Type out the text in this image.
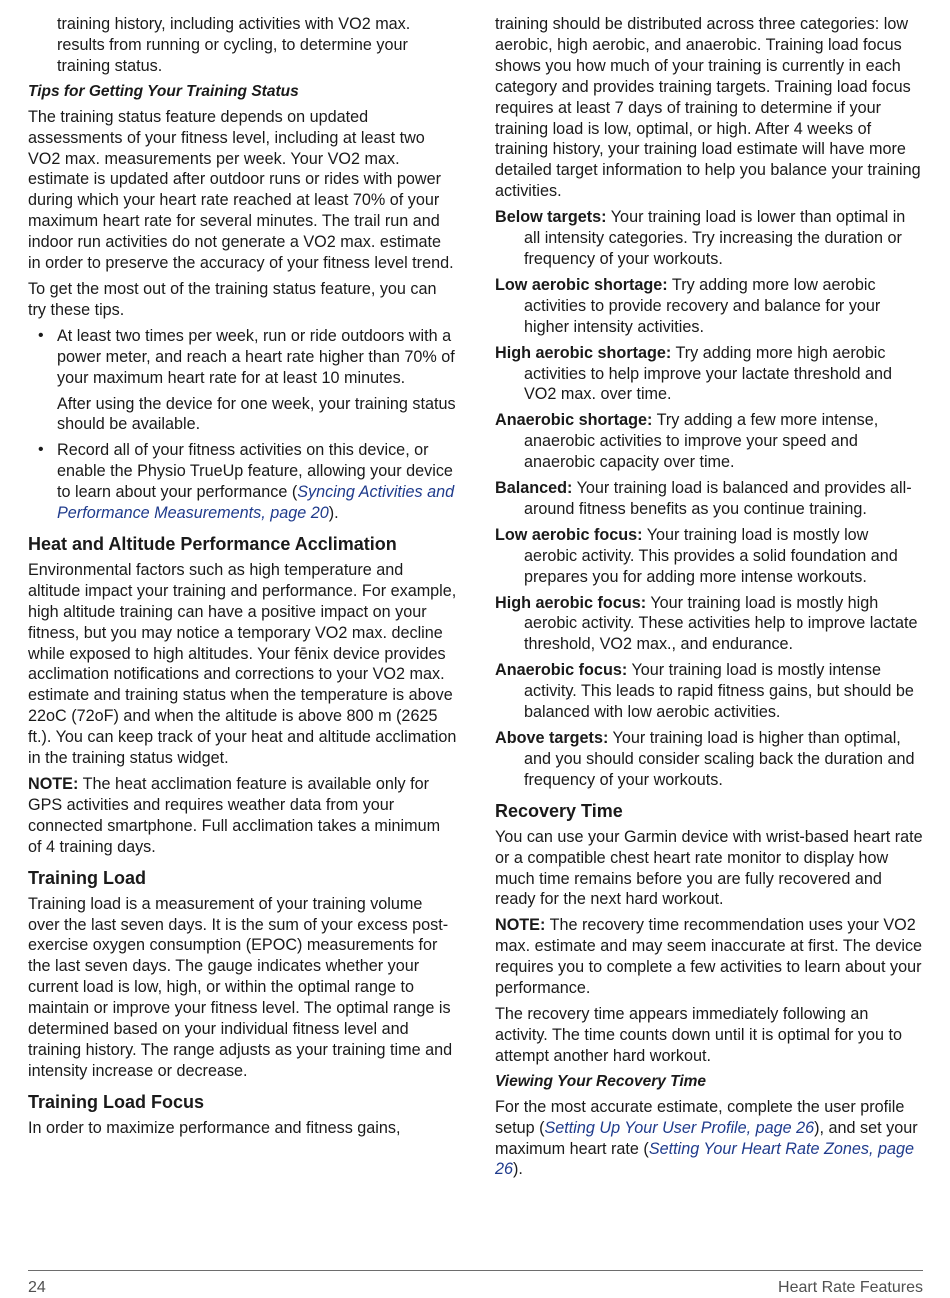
training history, including activities with VO2 max. results from running or cycling, to determine your training status.

Tips for Getting Your Training Status

The training status feature depends on updated assessments of your fitness level, including at least two VO2 max. measurements per week. Your VO2 max. estimate is updated after outdoor runs or rides with power during which your heart rate reached at least 70% of your maximum heart rate for several minutes. The trail run and indoor run activities do not generate a VO2 max. estimate in order to preserve the accuracy of your fitness level trend.

To get the most out of the training status feature, you can try these tips.

• At least two times per week, run or ride outdoors with a power meter, and reach a heart rate higher than 70% of your maximum heart rate for at least 10 minutes.

After using the device for one week, your training status should be available.

• Record all of your fitness activities on this device, or enable the Physio TrueUp feature, allowing your device to learn about your performance (Syncing Activities and Performance Measurements, page 20).

Heat and Altitude Performance Acclimation

Environmental factors such as high temperature and altitude impact your training and performance. For example, high altitude training can have a positive impact on your fitness, but you may notice a temporary VO2 max. decline while exposed to high altitudes. Your fēnix device provides acclimation notifications and corrections to your VO2 max. estimate and training status when the temperature is above 22oC (72oF) and when the altitude is above 800 m (2625 ft.). You can keep track of your heat and altitude acclimation in the training status widget.

NOTE: The heat acclimation feature is available only for GPS activities and requires weather data from your connected smartphone. Full acclimation takes a minimum of 4 training days.

Training Load

Training load is a measurement of your training volume over the last seven days. It is the sum of your excess post-exercise oxygen consumption (EPOC) measurements for the last seven days. The gauge indicates whether your current load is low, high, or within the optimal range to maintain or improve your fitness level. The optimal range is determined based on your individual fitness level and training history. The range adjusts as your training time and intensity increase or decrease.

Training Load Focus

In order to maximize performance and fitness gains,

training should be distributed across three categories: low aerobic, high aerobic, and anaerobic. Training load focus shows you how much of your training is currently in each category and provides training targets. Training load focus requires at least 7 days of training to determine if your training load is low, optimal, or high. After 4 weeks of training history, your training load estimate will have more detailed target information to help you balance your training activities.

Below targets: Your training load is lower than optimal in all intensity categories. Try increasing the duration or frequency of your workouts.

Low aerobic shortage: Try adding more low aerobic activities to provide recovery and balance for your higher intensity activities.

High aerobic shortage: Try adding more high aerobic activities to help improve your lactate threshold and VO2 max. over time.

Anaerobic shortage: Try adding a few more intense, anaerobic activities to improve your speed and anaerobic capacity over time.

Balanced: Your training load is balanced and provides all- around fitness benefits as you continue training.

Low aerobic focus: Your training load is mostly low aerobic activity. This provides a solid foundation and prepares you for adding more intense workouts.

High aerobic focus: Your training load is mostly high aerobic activity. These activities help to improve lactate threshold, VO2 max., and endurance.

Anaerobic focus: Your training load is mostly intense activity. This leads to rapid fitness gains, but should be balanced with low aerobic activities.

Above targets: Your training load is higher than optimal, and you should consider scaling back the duration and frequency of your workouts.

Recovery Time

You can use your Garmin device with wrist-based heart rate or a compatible chest heart rate monitor to display how much time remains before you are fully recovered and ready for the next hard workout.

NOTE: The recovery time recommendation uses your VO2 max. estimate and may seem inaccurate at first. The device requires you to complete a few activities to learn about your performance.

The recovery time appears immediately following an activity. The time counts down until it is optimal for you to attempt another hard workout.

Viewing Your Recovery Time

For the most accurate estimate, complete the user profile setup (Setting Up Your User Profile, page 26), and set your maximum heart rate (Setting Your Heart Rate Zones, page 26).

24	Heart Rate Features
